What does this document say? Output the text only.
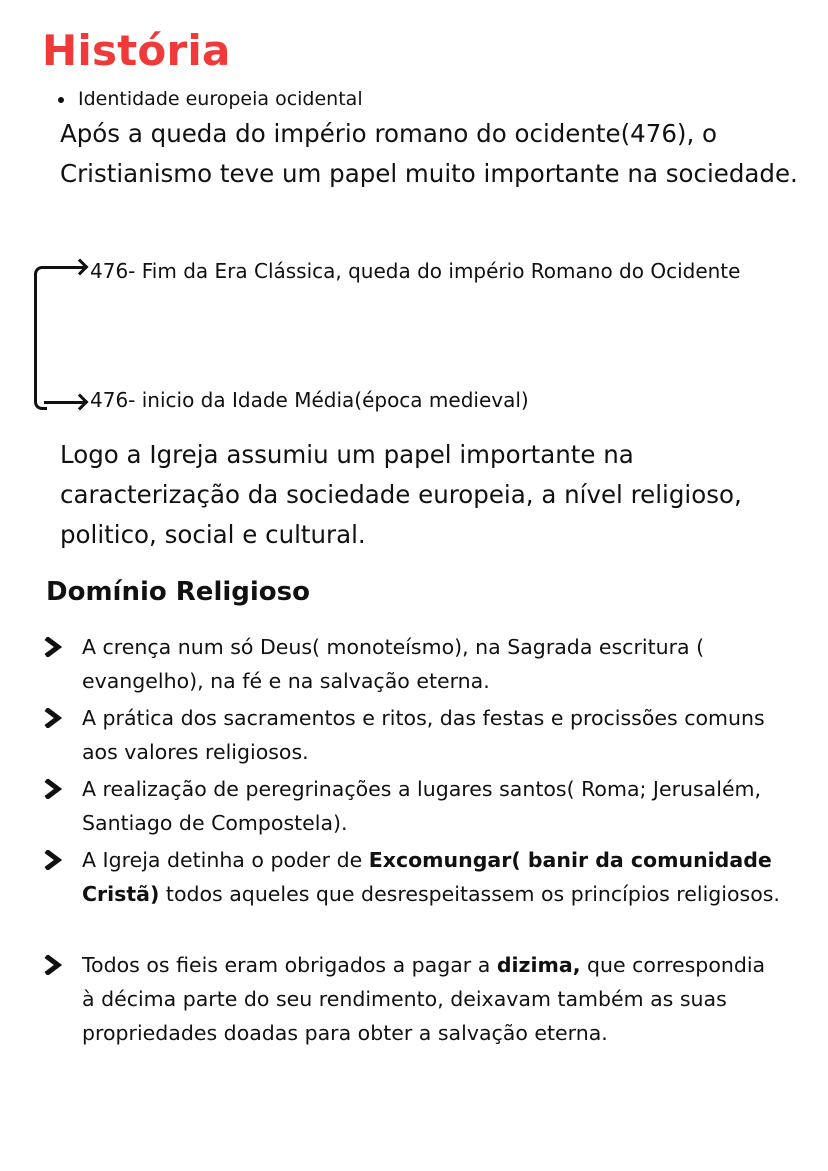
História

Identidade europeia ocidental

Após a queda do império romano do ocidente(476), o Cristianismo teve um papel muito importante na sociedade.

476- Fim da Era Clássica, queda do império Romano do Ocidente

476- inicio da Idade Média(época medieval)

Logo a Igreja assumiu um papel importante na caracterização da sociedade europeia, a nível religioso, politico, social e cultural.

Domínio Religioso
A crença num só Deus( monoteísmo), na Sagrada escritura ( evangelho), na fé e na salvação eterna.
A prática dos sacramentos e ritos, das festas e procissões comuns aos valores religiosos.
A realização de peregrinações a lugares santos( Roma; Jerusalém, Santiago de Compostela).
A Igreja detinha o poder de Excomungar( banir da comunidade Cristã) todos aqueles que desrespeitassem os princípios religiosos.
Todos os fieis eram obrigados a pagar a dizima, que correspondia à décima parte do seu rendimento, deixavam também as suas propriedades doadas para obter a salvação eterna.
